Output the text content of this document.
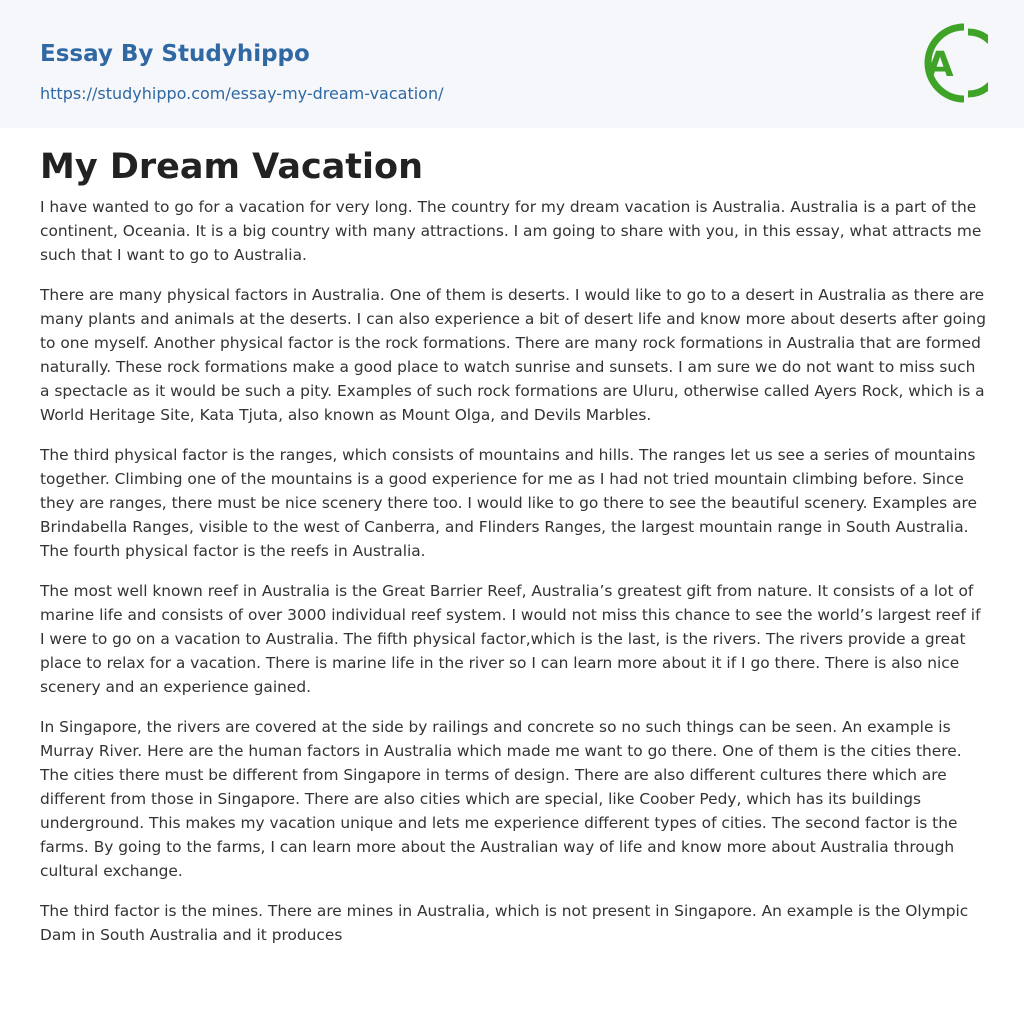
Essay By Studyhippo
https://studyhippo.com/essay-my-dream-vacation/
A
My Dream Vacation

I have wanted to go for a vacation for very long. The country for my dream vacation is Australia. Australia is a part of the continent, Oceania. It is a big country with many attractions. I am going to share with you, in this essay, what attracts me such that I want to go to Australia.

There are many physical factors in Australia. One of them is deserts. I would like to go to a desert in Australia as there are many plants and animals at the deserts. I can also experience a bit of desert life and know more about deserts after going to one myself. Another physical factor is the rock formations. There are many rock formations in Australia that are formed naturally. These rock formations make a good place to watch sunrise and sunsets. I am sure we do not want to miss such a spectacle as it would be such a pity. Examples of such rock formations are Uluru, otherwise called Ayers Rock, which is a World Heritage Site, Kata Tjuta, also known as Mount Olga, and Devils Marbles.

The third physical factor is the ranges, which consists of mountains and hills. The ranges let us see a series of mountains together. Climbing one of the mountains is a good experience for me as I had not tried mountain climbing before. Since they are ranges, there must be nice scenery there too. I would like to go there to see the beautiful scenery. Examples are Brindabella Ranges, visible to the west of Canberra, and Flinders Ranges, the largest mountain range in South Australia. The fourth physical factor is the reefs in Australia.

The most well known reef in Australia is the Great Barrier Reef, Australia’s greatest gift from nature. It consists of a lot of marine life and consists of over 3000 individual reef system. I would not miss this chance to see the world’s largest reef if I were to go on a vacation to Australia. The fifth physical factor,which is the last, is the rivers. The rivers provide a great place to relax for a vacation. There is marine life in the river so I can learn more about it if I go there. There is also nice scenery and an experience gained.

In Singapore, the rivers are covered at the side by railings and concrete so no such things can be seen. An example is Murray River. Here are the human factors in Australia which made me want to go there. One of them is the cities there. The cities there must be different from Singapore in terms of design. There are also different cultures there which are different from those in Singapore. There are also cities which are special, like Coober Pedy, which has its buildings underground. This makes my vacation unique and lets me experience different types of cities. The second factor is the farms. By going to the farms, I can learn more about the Australian way of life and know more about Australia through cultural exchange.

The third factor is the mines. There are mines in Australia, which is not present in Singapore. An example is the Olympic Dam in South Australia and it produces
